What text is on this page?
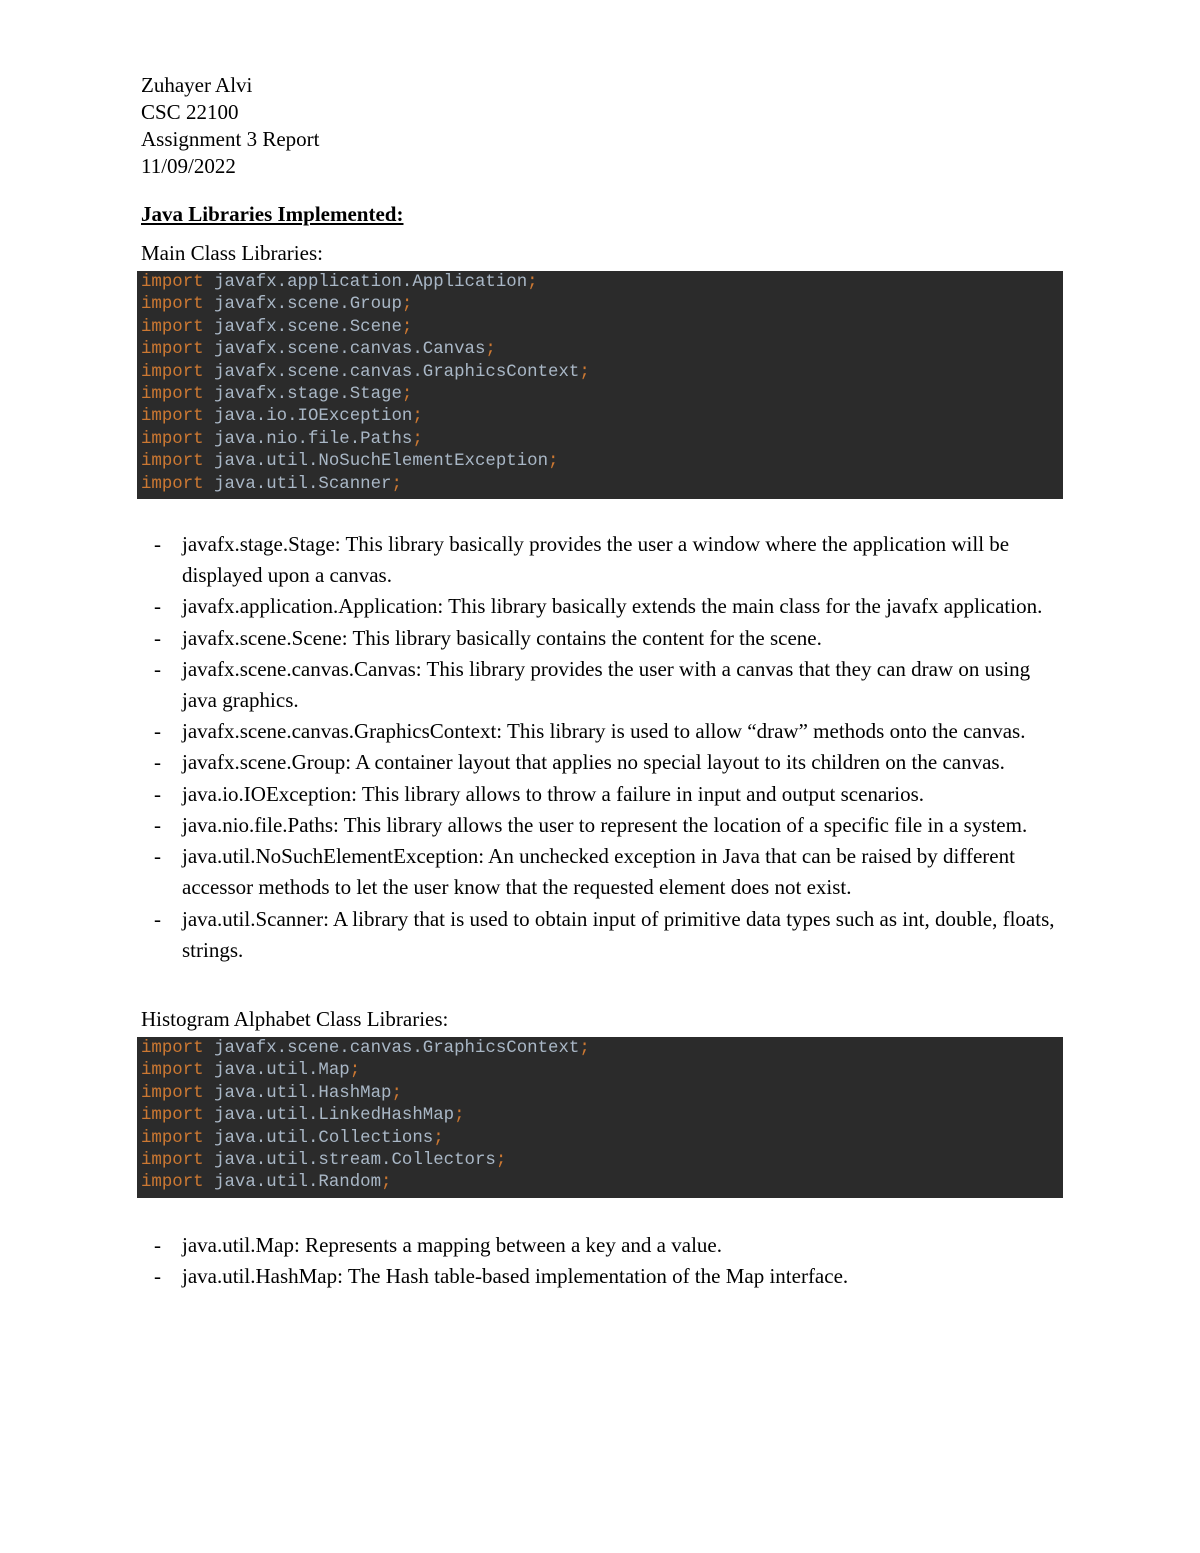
Zuhayer Alvi

CSC 22100

Assignment 3 Report

11/09/2022

Java Libraries Implemented:

Main Class Libraries:

import javafx.application.Application;
import javafx.scene.Group;
import javafx.scene.Scene;
import javafx.scene.canvas.Canvas;
import javafx.scene.canvas.GraphicsContext;
import javafx.stage.Stage;
import java.io.IOException;
import java.nio.file.Paths;
import java.util.NoSuchElementException;
import java.util.Scanner;
- javafx.stage.Stage: This library basically provides the user a window where the application will be displayed upon a canvas.
- javafx.application.Application: This library basically extends the main class for the javafx application.
- javafx.scene.Scene: This library basically contains the content for the scene.
- javafx.scene.canvas.Canvas: This library provides the user with a canvas that they can draw on using java graphics.
- javafx.scene.canvas.GraphicsContext: This library is used to allow “draw” methods onto the canvas.
- javafx.scene.Group: A container layout that applies no special layout to its children on the canvas.
- java.io.IOException: This library allows to throw a failure in input and output scenarios.
- java.nio.file.Paths: This library allows the user to represent the location of a specific file in a system.
- java.util.NoSuchElementException: An unchecked exception in Java that can be raised by different accessor methods to let the user know that the requested element does not exist.
- java.util.Scanner: A library that is used to obtain input of primitive data types such as int, double, floats, strings.

Histogram Alphabet Class Libraries:

import javafx.scene.canvas.GraphicsContext;
import java.util.Map;
import java.util.HashMap;
import java.util.LinkedHashMap;
import java.util.Collections;
import java.util.stream.Collectors;
import java.util.Random;
- java.util.Map: Represents a mapping between a key and a value.
- java.util.HashMap: The Hash table-based implementation of the Map interface.
